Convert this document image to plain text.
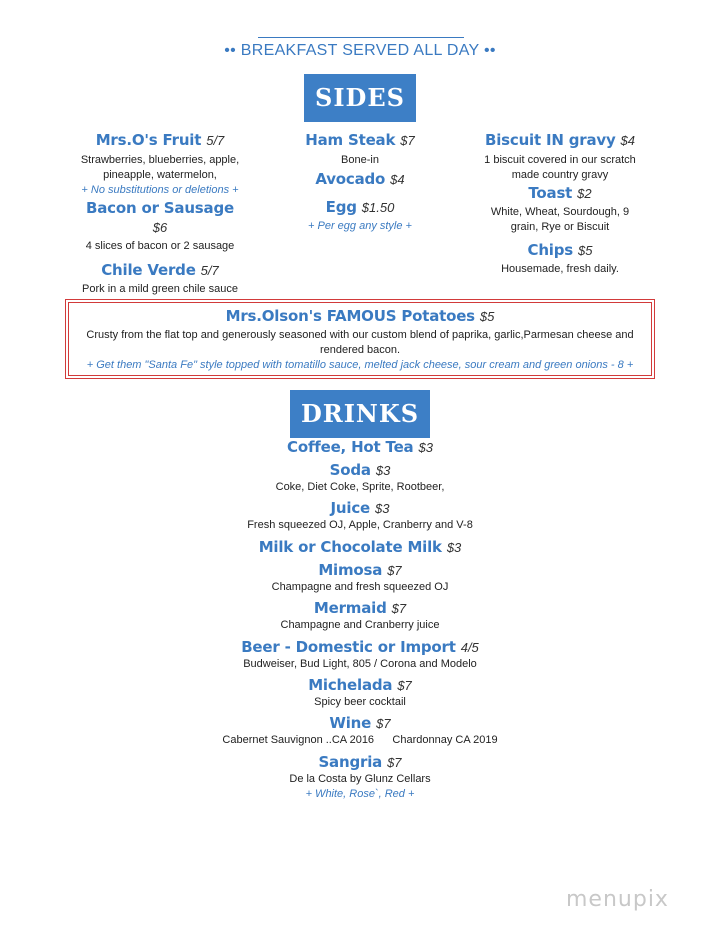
•• BREAKFAST SERVED ALL DAY ••
SIDES
Mrs.O's Fruit 5/7
Strawberries, blueberries, apple,
pineapple, watermelon,
+ No substitutions or deletions +
Bacon or Sausage
$6
4 slices of bacon or 2 sausage
Chile Verde 5/7
Pork in a mild green chile sauce
Ham Steak $7
Bone-in
Avocado $4
Egg $1.50
+ Per egg any style +
Biscuit IN gravy $4
1 biscuit covered in our scratch
made country gravy
Toast $2
White, Wheat, Sourdough, 9
grain, Rye or Biscuit
Chips $5
Housemade, fresh daily.
Mrs.Olson's FAMOUS Potatoes $5
Crusty from the flat top and generously seasoned with our custom blend of paprika, garlic,Parmesan cheese and
rendered bacon.
+ Get them "Santa Fe" style topped with tomatillo sauce, melted jack cheese, sour cream and green onions - 8 +
DRINKS
Coffee, Hot Tea $3
Soda $3
Coke, Diet Coke, Sprite, Rootbeer,
Juice $3
Fresh squeezed OJ, Apple, Cranberry and V-8
Milk or Chocolate Milk $3
Mimosa $7
Champagne and fresh squeezed OJ
Mermaid $7
Champagne and Cranberry juice
Beer - Domestic or Import 4/5
Budweiser, Bud Light, 805 / Corona and Modelo
Michelada $7
Spicy beer cocktail
Wine $7
Cabernet Sauvignon ..CA 2016      Chardonnay CA 2019
Sangria $7
De la Costa by Glunz Cellars
+ White, Rose`, Red +
menupix
